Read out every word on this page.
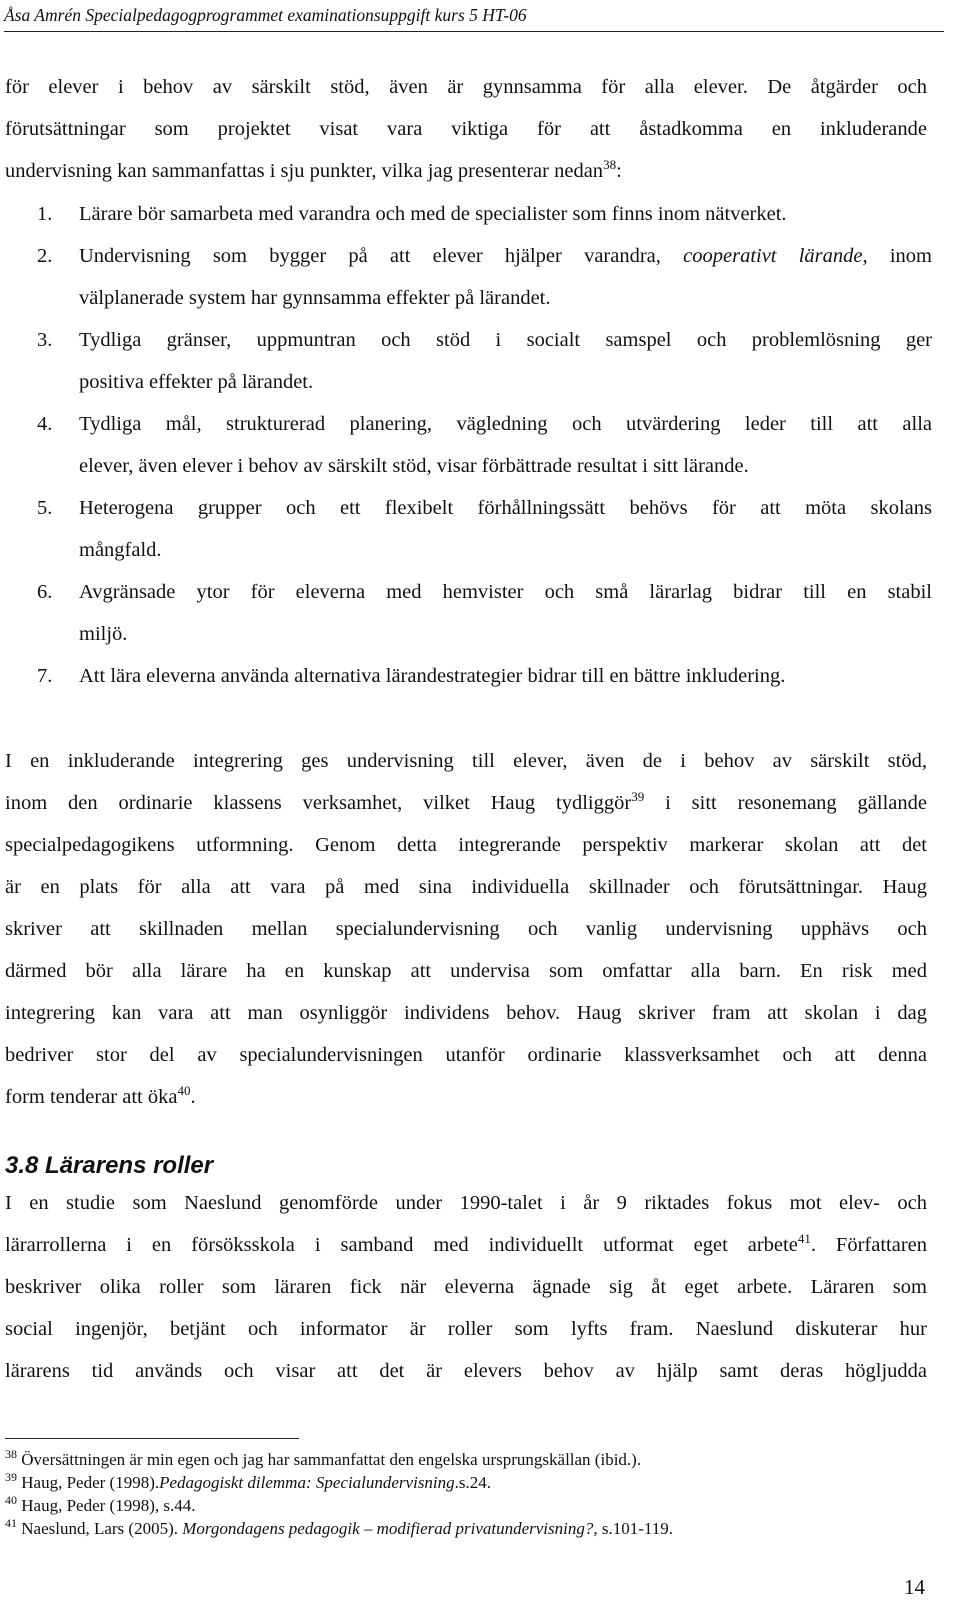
Åsa Amrén Specialpedagogprogrammet examinationsuppgift kurs 5 HT-06
för elever i behov av särskilt stöd, även är gynnsamma för alla elever. De åtgärder och
förutsättningar som projektet visat vara viktiga för att åstadkomma en inkluderande
undervisning kan sammanfattas i sju punkter, vilka jag presenterar nedan$^{38}$:
1. Lärare bör samarbeta med varandra och med de specialister som finns inom nätverket.
2. Undervisning som bygger på att elever hjälper varandra, cooperativt lärande, inom
välplanerade system har gynnsamma effekter på lärandet.
3. Tydliga gränser, uppmuntran och stöd i socialt samspel och problemlösning ger
positiva effekter på lärandet.
4. Tydliga mål, strukturerad planering, vägledning och utvärdering leder till att alla
elever, även elever i behov av särskilt stöd, visar förbättrade resultat i sitt lärande.
5. Heterogena grupper och ett flexibelt förhållningssätt behövs för att möta skolans
mångfald.
6. Avgränsade ytor för eleverna med hemvister och små lärarlag bidrar till en stabil
miljö.
7. Att lära eleverna använda alternativa lärandestrategier bidrar till en bättre inkludering.
I en inkluderande integrering ges undervisning till elever, även de i behov av särskilt stöd,
inom den ordinarie klassens verksamhet, vilket Haug tydliggör$^{39}$ i sitt resonemang gällande
specialpedagogikens utformning. Genom detta integrerande perspektiv markerar skolan att det
är en plats för alla att vara på med sina individuella skillnader och förutsättningar. Haug
skriver att skillnaden mellan specialundervisning och vanlig undervisning upphävs och
därmed bör alla lärare ha en kunskap att undervisa som omfattar alla barn. En risk med
integrering kan vara att man osynliggör individens behov. Haug skriver fram att skolan i dag
bedriver stor del av specialundervisningen utanför ordinarie klassverksamhet och att denna
form tenderar att öka$^{40}$.
3.8 Lärarens roller
I en studie som Naeslund genomförde under 1990-talet i år 9 riktades fokus mot elev- och
lärarrollerna i en försöksskola i samband med individuellt utformat eget arbete$^{41}$. Författaren
beskriver olika roller som läraren fick när eleverna ägnade sig åt eget arbete. Läraren som
social ingenjör, betjänt och informator är roller som lyfts fram. Naeslund diskuterar hur
lärarens tid används och visar att det är elevers behov av hjälp samt deras högljudda
$^{38}$ Översättningen är min egen och jag har sammanfattat den engelska ursprungskällan (ibid.).
$^{39}$ Haug, Peder (1998).Pedagogiskt dilemma: Specialundervisning.s.24.
$^{40}$ Haug, Peder (1998), s.44.
$^{41}$ Naeslund, Lars (2005). Morgondagens pedagogik – modifierad privatundervisning?, s.101-119.
14
